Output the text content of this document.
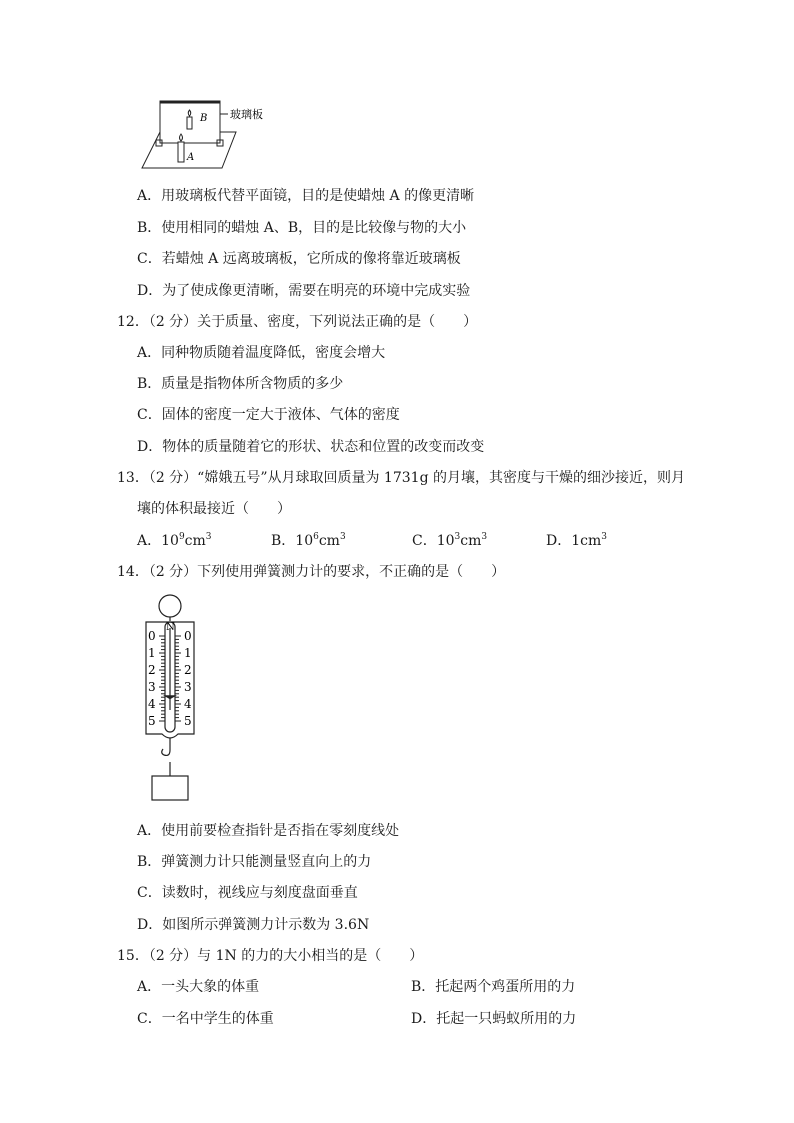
B
A
玻璃板
A．用玻璃板代替平面镜，目的是使蜡烛 A 的像更清晰
B．使用相同的蜡烛 A、B，目的是比较像与物的大小
C．若蜡烛 A 远离玻璃板，它所成的像将靠近玻璃板
D．为了使成像更清晰，需要在明亮的环境中完成实验
12．（2 分）关于质量、密度，下列说法正确的是（　　）
A．同种物质随着温度降低，密度会增大
B．质量是指物体所含物质的多少
C．固体的密度一定大于液体、气体的密度
D．物体的质量随着它的形状、状态和位置的改变而改变
13．（2 分）“嫦娥五号”从月球取回质量为 1731g 的月壤，其密度与干燥的细沙接近，则月
壤的体积最接近（　　）
A．$10^9cm^3$	B．$10^6cm^3$	C．$10^3cm^3$	D．$1cm^3$
14．（2 分）下列使用弹簧测力计的要求，不正确的是（　　）
N
0
1
2
3
4
5
0
1
2
3
4
5
A．使用前要检查指针是否指在零刻度线处
B．弹簧测力计只能测量竖直向上的力
C．读数时，视线应与刻度盘面垂直
D．如图所示弹簧测力计示数为 3.6N
15．（2 分）与 1N 的力的大小相当的是（　　）
A．一头大象的体重	B．托起两个鸡蛋所用的力
C．一名中学生的体重	D．托起一只蚂蚁所用的力
